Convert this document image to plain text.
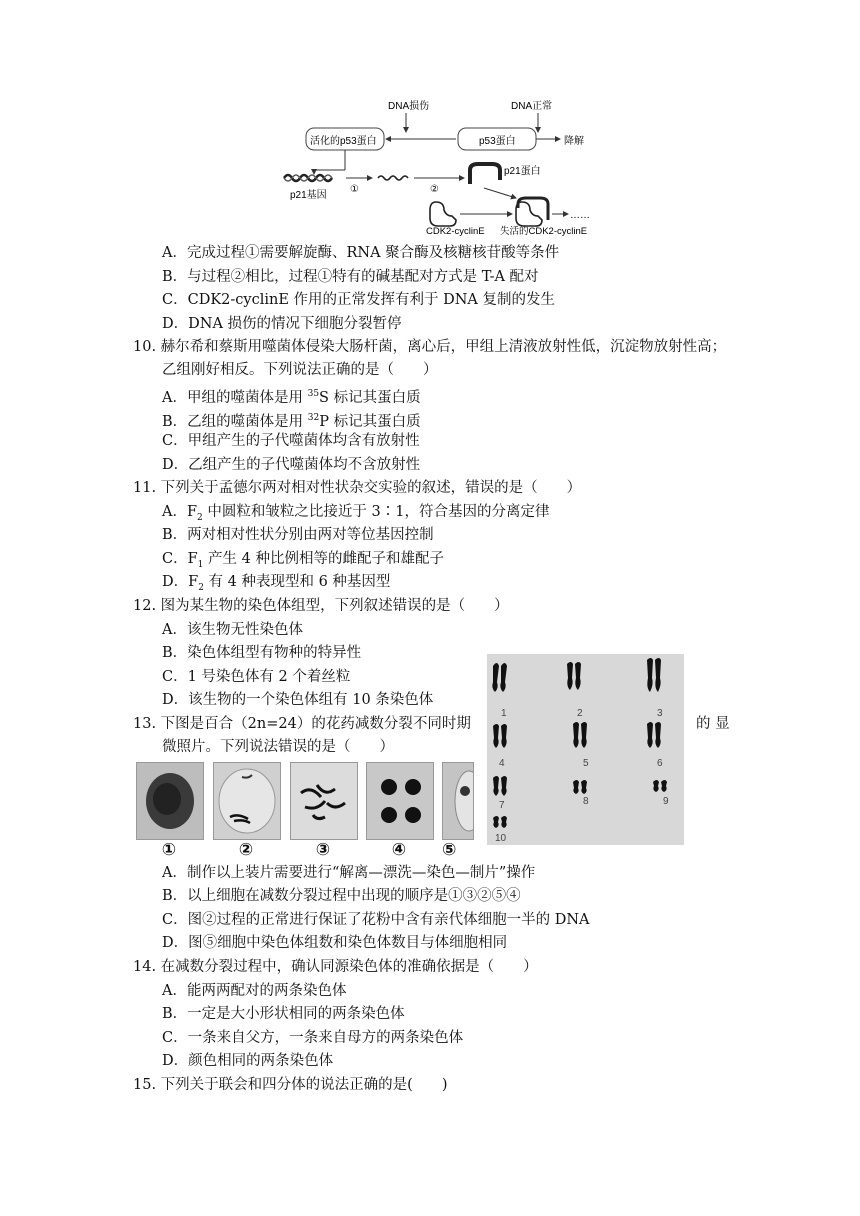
DNA损伤	DNA正常
活化的p53蛋白	p53蛋白	降解
p21基因
①	②
p21蛋白
……
CDK2-cyclinE 失活的CDK2-cyclinE
A．完成过程①需要解旋酶、RNA 聚合酶及核糖核苷酸等条件
B．与过程②相比，过程①特有的碱基配对方式是 T-A 配对
C．CDK2-cyclinE 作用的正常发挥有利于 DNA 复制的发生
D．DNA 损伤的情况下细胞分裂暂停
10. 赫尔希和蔡斯用噬菌体侵染大肠杆菌，离心后，甲组上清液放射性低，沉淀物放射性高；
乙组刚好相反。下列说法正确的是（　　）
A．甲组的噬菌体是用 $^{35}$S 标记其蛋白质
B．乙组的噬菌体是用 $^{32}$P 标记其蛋白质
C．甲组产生的子代噬菌体均含有放射性
D．乙组产生的子代噬菌体均不含放射性
11. 下列关于孟德尔两对相对性状杂交实验的叙述，错误的是（　　）
A．$F_2$ 中圆粒和皱粒之比接近于 3∶1，符合基因的分离定律
B．两对相对性状分别由两对等位基因控制
C．$F_1$ 产生 4 种比例相等的雌配子和雄配子
D．$F_2$ 有 4 种表现型和 6 种基因型
12. 图为某生物的染色体组型，下列叙述错误的是（　　）
A．该生物无性染色体
B．染色体组型有物种的特异性
C．1 号染色体有 2 个着丝粒
D．该生物的一个染色体组有 10 条染色体
1	2	3
4	5	6
7	8	9
10
13. 下图是百合（2n=24）的花药减数分裂不同时期	的 显
微照片。下列说法错误的是（　　）
①	②	③	④	⑤
A．制作以上装片需要进行“解离—漂洗—染色—制片”操作
B．以上细胞在减数分裂过程中出现的顺序是①③②⑤④
C．图②过程的正常进行保证了花粉中含有亲代体细胞一半的 DNA
D．图⑤细胞中染色体组数和染色体数目与体细胞相同
14. 在减数分裂过程中，确认同源染色体的准确依据是（　　）
A．能两两配对的两条染色体
B．一定是大小形状相同的两条染色体
C．一条来自父方，一条来自母方的两条染色体
D．颜色相同的两条染色体
15. 下列关于联会和四分体的说法正确的是(　　)
